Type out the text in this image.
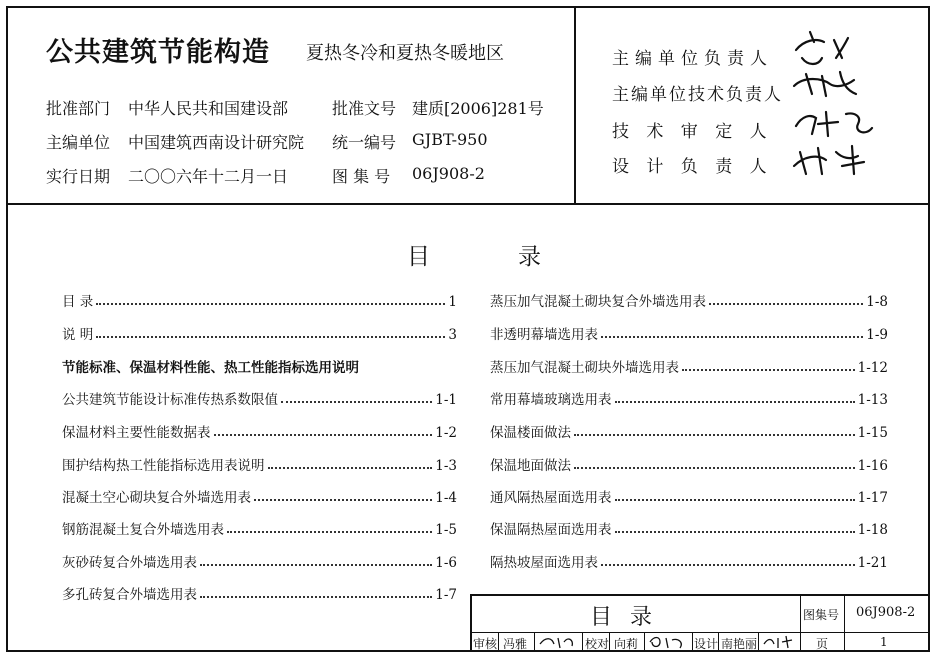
公共建筑节能构造 夏热冬冷和夏热冬暖地区
批准部门 中华人民共和国建设部	批准文号 建质[2006]281号
主编单位 中国建筑西南设计研究院 统一编号 GJBT-950
实行日期 二〇〇六年十二月一日	图 集 号 06J908-2
主编单位负责人
主编单位技术负责人
技 术 审 定 人
设 计 负 责 人
目	录
目 录	1
说 明	3
节能标准、保温材料性能、热工性能指标选用说明
公共建筑节能设计标准传热系数限值	1-1
保温材料主要性能数据表	1-2
围护结构热工性能指标选用表说明	1-3
混凝土空心砌块复合外墙选用表	1-4
钢筋混凝土复合外墙选用表	1-5
灰砂砖复合外墙选用表	1-6
多孔砖复合外墙选用表	1-7
蒸压加气混凝土砌块复合外墙选用表	1-8
非透明幕墙选用表	1-9
蒸压加气混凝土砌块外墙选用表	1-12
常用幕墙玻璃选用表	1-13
保温楼面做法	1-15
保温地面做法	1-16
通风隔热屋面选用表	1-17
保温隔热屋面选用表	1-18
隔热坡屋面选用表	1-21
目录	图集号 06J908-2
审核 冯雅	校对 向莉	设计 南艳丽	页	1
